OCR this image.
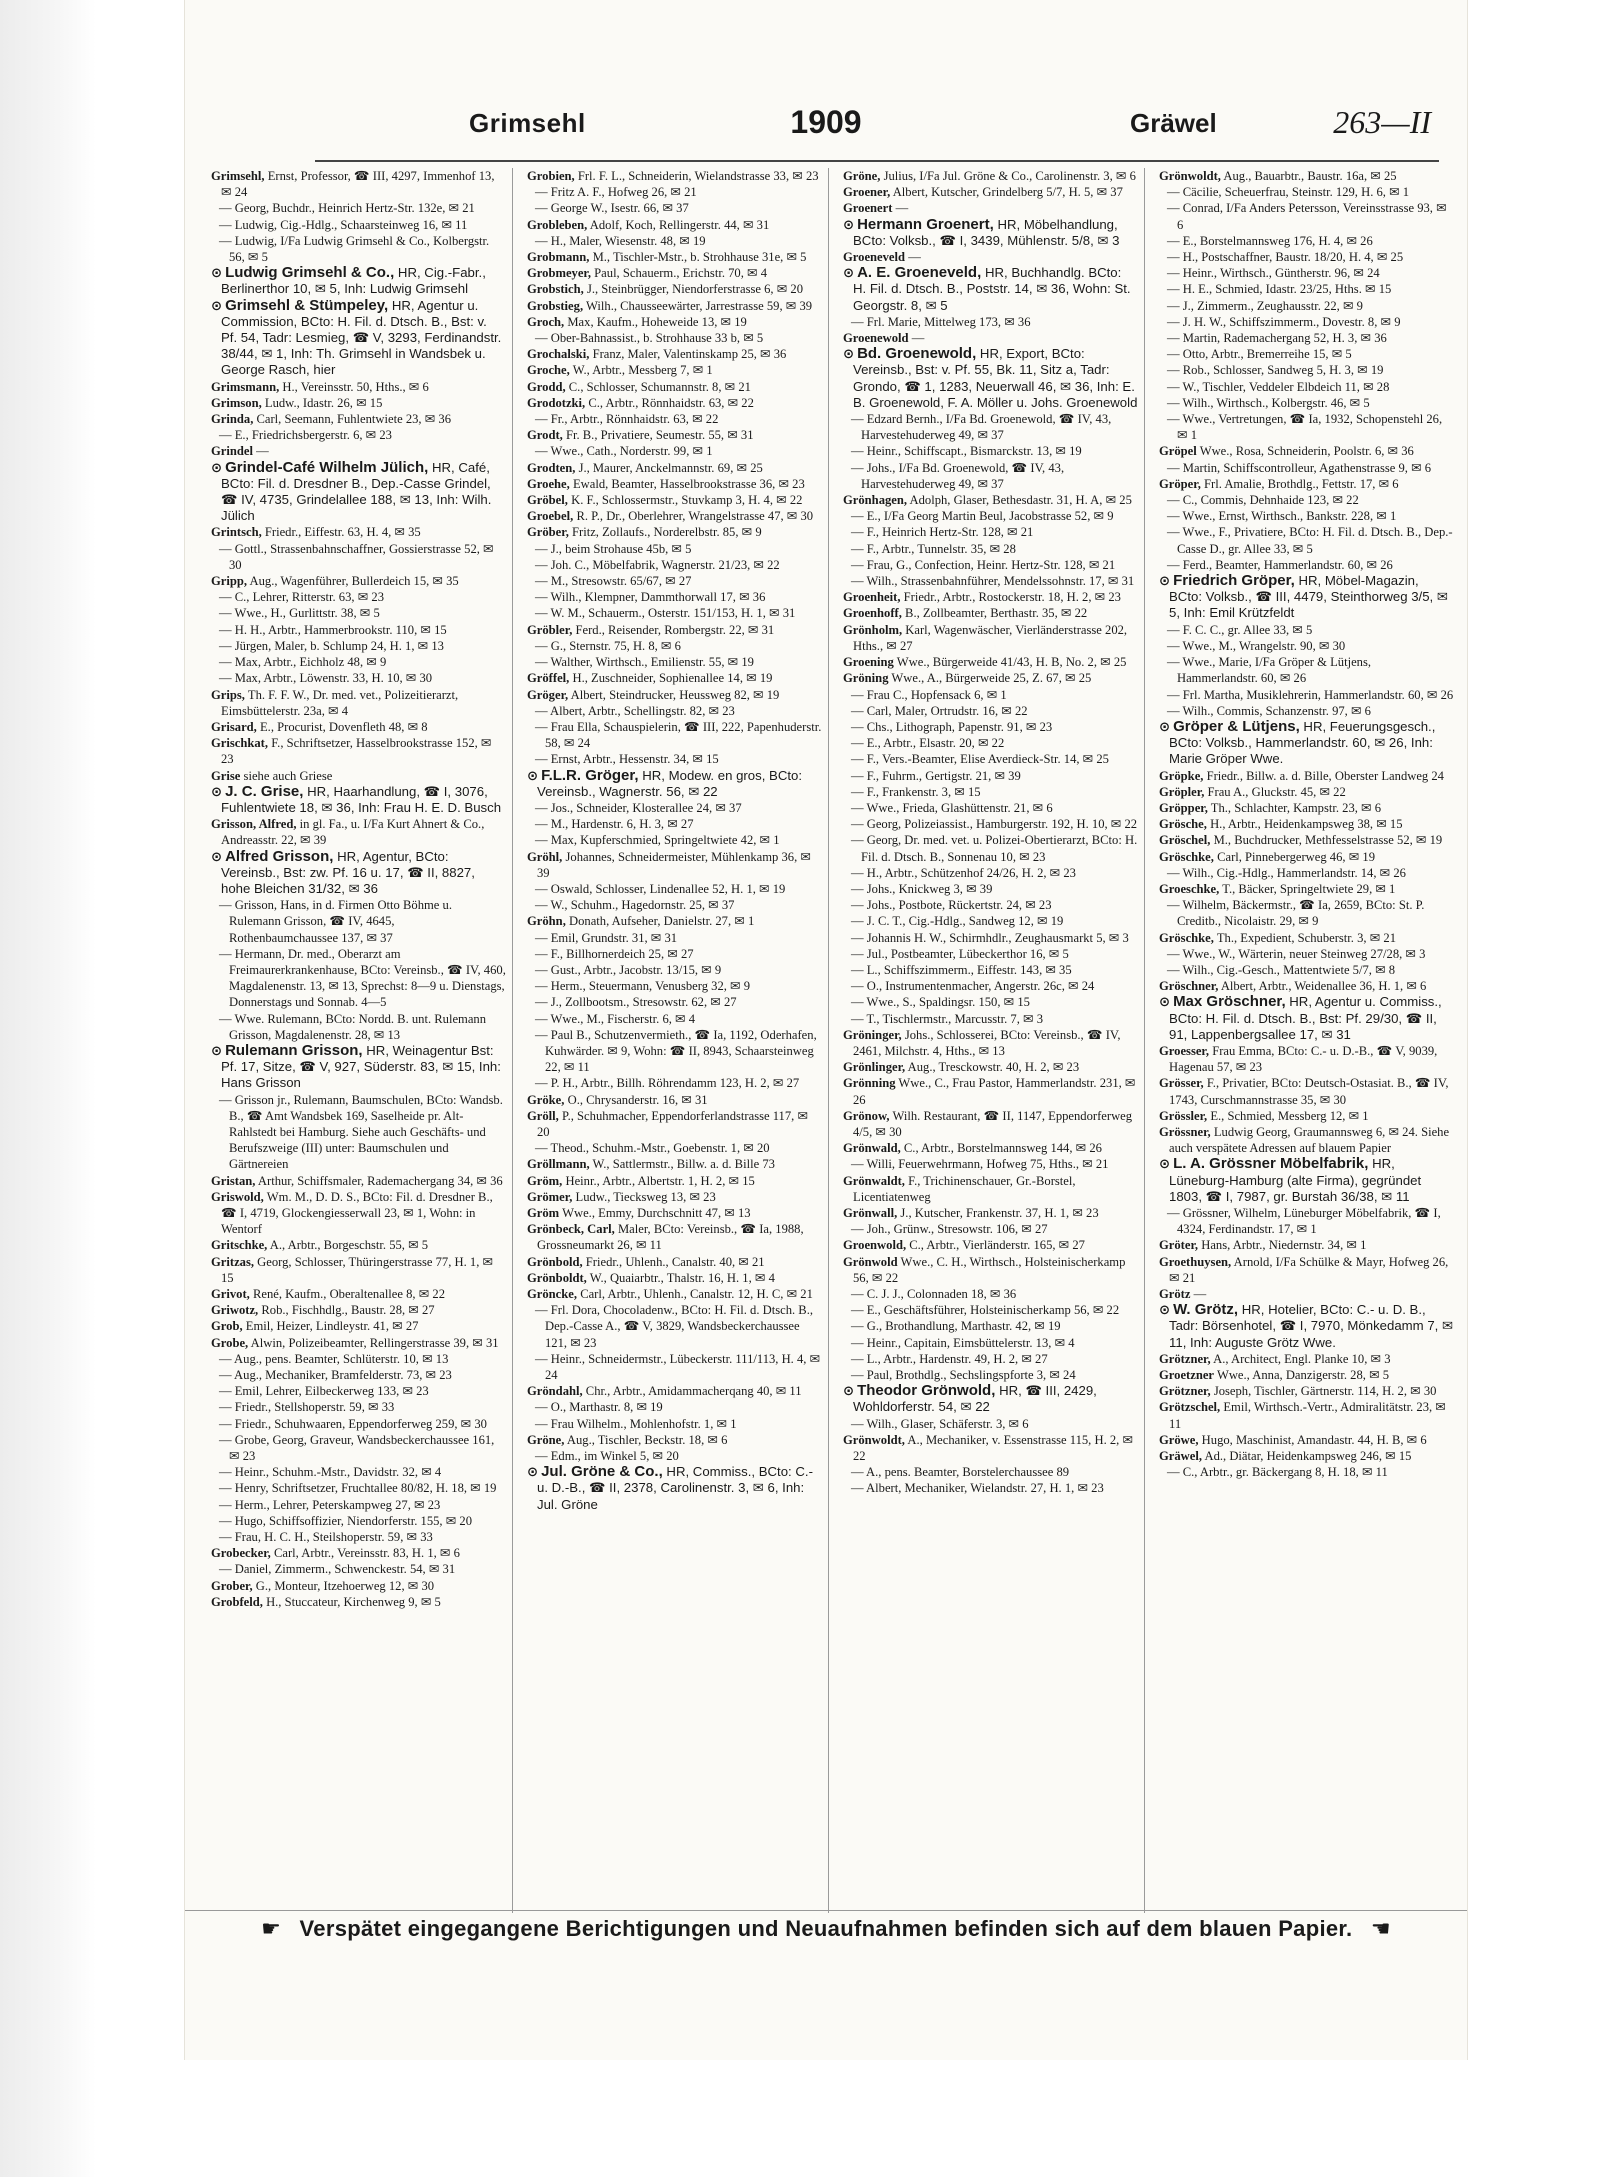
Grimsehl	1909	Gräwel	263—II

Grimsehl, Ernst, Professor, ☎ III, 4297, Immenhof 13, ✉ 24

— Georg, Buchdr., Heinrich Hertz-Str. 132e, ✉ 21

— Ludwig, Cig.-Hdlg., Schaarsteinweg 16, ✉ 11

— Ludwig, I/Fa Ludwig Grimsehl & Co., Kolbergstr. 56, ✉ 5

⊙ Ludwig Grimsehl & Co., HR, Cig.-Fabr., Berlinerthor 10, ✉ 5, Inh: Ludwig Grimsehl

⊙ Grimsehl & Stümpeley, HR, Agentur u. Commission, BCto: H. Fil. d. Dtsch. B., Bst: v. Pf. 54, Tadr: Lesmieg, ☎ V, 3293, Ferdinandstr. 38/44, ✉ 1, Inh: Th. Grimsehl in Wandsbek u. George Rasch, hier

Grimsmann, H., Vereinsstr. 50, Hths., ✉ 6

Grimson, Ludw., Idastr. 26, ✉ 15

Grinda, Carl, Seemann, Fuhlentwiete 23, ✉ 36

— E., Friedrichsbergerstr. 6, ✉ 23

Grindel —

⊙ Grindel-Café Wilhelm Jülich, HR, Café, BCto: Fil. d. Dresdner B., Dep.-Casse Grindel, ☎ IV, 4735, Grindelallee 188, ✉ 13, Inh: Wilh. Jülich

Grintsch, Friedr., Eiffestr. 63, H. 4, ✉ 35

— Gottl., Strassenbahnschaffner, Gossierstrasse 52, ✉ 30

Gripp, Aug., Wagenführer, Bullerdeich 15, ✉ 35

— C., Lehrer, Ritterstr. 63, ✉ 23

— Wwe., H., Gurlittstr. 38, ✉ 5

— H. H., Arbtr., Hammerbrookstr. 110, ✉ 15

— Jürgen, Maler, b. Schlump 24, H. 1, ✉ 13

— Max, Arbtr., Eichholz 48, ✉ 9

— Max, Arbtr., Löwenstr. 33, H. 10, ✉ 30

Grips, Th. F. F. W., Dr. med. vet., Polizeitierarzt, Eimsbüttelerstr. 23a, ✉ 4

Grisard, E., Procurist, Dovenfleth 48, ✉ 8

Grischkat, F., Schriftsetzer, Hasselbrookstrasse 152, ✉ 23

Grise siehe auch Griese

⊙ J. C. Grise, HR, Haarhandlung, ☎ I, 3076, Fuhlentwiete 18, ✉ 36, Inh: Frau H. E. D. Busch

Grisson, Alfred, in gl. Fa., u. I/Fa Kurt Ahnert & Co., Andreasstr. 22, ✉ 39

⊙ Alfred Grisson, HR, Agentur, BCto: Vereinsb., Bst: zw. Pf. 16 u. 17, ☎ II, 8827, hohe Bleichen 31/32, ✉ 36

— Grisson, Hans, in d. Firmen Otto Böhme u. Rulemann Grisson, ☎ IV, 4645, Rothenbaumchaussee 137, ✉ 37

— Hermann, Dr. med., Oberarzt am Freimaurerkrankenhause, BCto: Vereinsb., ☎ IV, 460, Magdalenenstr. 13, ✉ 13, Sprechst: 8—9 u. Dienstags, Donnerstags und Sonnab. 4—5

— Wwe. Rulemann, BCto: Nordd. B. unt. Rulemann Grisson, Magdalenenstr. 28, ✉ 13

⊙ Rulemann Grisson, HR, Weinagentur Bst: Pf. 17, Sitze, ☎ V, 927, Süderstr. 83, ✉ 15, Inh: Hans Grisson

— Grisson jr., Rulemann, Baumschulen, BCto: Wandsb. B., ☎ Amt Wandsbek 169, Saselheide pr. Alt-Rahlstedt bei Hamburg. Siehe auch Geschäfts- und Berufszweige (III) unter: Baumschulen und Gärtnereien

Gristan, Arthur, Schiffsmaler, Rademachergang 34, ✉ 36

Griswold, Wm. M., D. D. S., BCto: Fil. d. Dresdner B., ☎ I, 4719, Glockengiesserwall 23, ✉ 1, Wohn: in Wentorf

Gritschke, A., Arbtr., Borgeschstr. 55, ✉ 5

Gritzas, Georg, Schlosser, Thüringerstrasse 77, H. 1, ✉ 15

Grivot, René, Kaufm., Oberaltenallee 8, ✉ 22

Griwotz, Rob., Fischhdlg., Baustr. 28, ✉ 27

Grob, Emil, Heizer, Lindleystr. 41, ✉ 27

Grobe, Alwin, Polizeibeamter, Rellingerstrasse 39, ✉ 31

— Aug., pens. Beamter, Schlüterstr. 10, ✉ 13

— Aug., Mechaniker, Bramfelderstr. 73, ✉ 23

— Emil, Lehrer, Eilbeckerweg 133, ✉ 23

— Friedr., Stellshoperstr. 59, ✉ 33

— Friedr., Schuhwaaren, Eppendorferweg 259, ✉ 30

— Grobe, Georg, Graveur, Wandsbeckerchaussee 161, ✉ 23

— Heinr., Schuhm.-Mstr., Davidstr. 32, ✉ 4

— Henry, Schriftsetzer, Fruchtallee 80/82, H. 18, ✉ 19

— Herm., Lehrer, Peterskampweg 27, ✉ 23

— Hugo, Schiffsoffizier, Niendorferstr. 155, ✉ 20

— Frau, H. C. H., Steilshoperstr. 59, ✉ 33

Grobecker, Carl, Arbtr., Vereinsstr. 83, H. 1, ✉ 6

— Daniel, Zimmerm., Schwenckestr. 54, ✉ 31

Grober, G., Monteur, Itzehoerweg 12, ✉ 30

Grobfeld, H., Stuccateur, Kirchenweg 9, ✉ 5

Grobien, Frl. F. L., Schneiderin, Wielandstrasse 33, ✉ 23

— Fritz A. F., Hofweg 26, ✉ 21

— George W., Isestr. 66, ✉ 37

Grobleben, Adolf, Koch, Rellingerstr. 44, ✉ 31

— H., Maler, Wiesenstr. 48, ✉ 19

Grobmann, M., Tischler-Mstr., b. Strohhause 31e, ✉ 5

Grobmeyer, Paul, Schauerm., Erichstr. 70, ✉ 4

Grobstich, J., Steinbrügger, Niendorferstrasse 6, ✉ 20

Grobstieg, Wilh., Chausseewärter, Jarrestrasse 59, ✉ 39

Groch, Max, Kaufm., Hoheweide 13, ✉ 19

— Ober-Bahnassist., b. Strohhause 33 b, ✉ 5

Grochalski, Franz, Maler, Valentinskamp 25, ✉ 36

Groche, W., Arbtr., Messberg 7, ✉ 1

Grodd, C., Schlosser, Schumannstr. 8, ✉ 21

Grodotzki, C., Arbtr., Rönnhaidstr. 63, ✉ 22

— Fr., Arbtr., Rönnhaidstr. 63, ✉ 22

Grodt, Fr. B., Privatiere, Seumestr. 55, ✉ 31

— Wwe., Cath., Norderstr. 99, ✉ 1

Grodten, J., Maurer, Anckelmannstr. 69, ✉ 25

Groehe, Ewald, Beamter, Hasselbrookstrasse 36, ✉ 23

Gröbel, K. F., Schlossermstr., Stuvkamp 3, H. 4, ✉ 22

Groebel, R. P., Dr., Oberlehrer, Wrangelstrasse 47, ✉ 30

Gröber, Fritz, Zollaufs., Norderelbstr. 85, ✉ 9

— J., beim Strohause 45b, ✉ 5

— Joh. C., Möbelfabrik, Wagnerstr. 21/23, ✉ 22

— M., Stresowstr. 65/67, ✉ 27

— Wilh., Klempner, Dammthorwall 17, ✉ 36

— W. M., Schauerm., Osterstr. 151/153, H. 1, ✉ 31

Gröbler, Ferd., Reisender, Rombergstr. 22, ✉ 31

— G., Sternstr. 75, H. 8, ✉ 6

— Walther, Wirthsch., Emilienstr. 55, ✉ 19

Gröffel, H., Zuschneider, Sophienallee 14, ✉ 19

Gröger, Albert, Steindrucker, Heussweg 82, ✉ 19

— Albert, Arbtr., Schellingstr. 82, ✉ 23

— Frau Ella, Schauspielerin, ☎ III, 222, Papenhuderstr. 58, ✉ 24

— Ernst, Arbtr., Hessenstr. 34, ✉ 15

⊙ F.L.R. Gröger, HR, Modew. en gros, BCto: Vereinsb., Wagnerstr. 56, ✉ 22

— Jos., Schneider, Klosterallee 24, ✉ 37

— M., Hardenstr. 6, H. 3, ✉ 27

— Max, Kupferschmied, Springeltwiete 42, ✉ 1

Gröhl, Johannes, Schneidermeister, Mühlenkamp 36, ✉ 39

— Oswald, Schlosser, Lindenallee 52, H. 1, ✉ 19

— W., Schuhm., Hagedornstr. 25, ✉ 37

Gröhn, Donath, Aufseher, Danielstr. 27, ✉ 1

— Emil, Grundstr. 31, ✉ 31

— F., Billhornerdeich 25, ✉ 27

— Gust., Arbtr., Jacobstr. 13/15, ✉ 9

— Herm., Steuermann, Venusberg 32, ✉ 9

— J., Zollbootsm., Stresowstr. 62, ✉ 27

— Wwe., M., Fischerstr. 6, ✉ 4

— Paul B., Schutzenvermieth., ☎ Ia, 1192, Oderhafen, Kuhwärder. ✉ 9, Wohn: ☎ II, 8943, Schaarsteinweg 22, ✉ 11

— P. H., Arbtr., Billh. Röhrendamm 123, H. 2, ✉ 27

Gröke, O., Chrysanderstr. 16, ✉ 31

Gröll, P., Schuhmacher, Eppendorferlandstrasse 117, ✉ 20

— Theod., Schuhm.-Mstr., Goebenstr. 1, ✉ 20

Gröllmann, W., Sattlermstr., Billw. a. d. Bille 73

Gröm, Heinr., Arbtr., Albertstr. 1, H. 2, ✉ 15

Grömer, Ludw., Tiecksweg 13, ✉ 23

Gröm Wwe., Emmy, Durchschnitt 47, ✉ 13

Grönbeck, Carl, Maler, BCto: Vereinsb., ☎ Ia, 1988, Grossneumarkt 26, ✉ 11

Grönbold, Friedr., Uhlenh., Canalstr. 40, ✉ 21

Grönboldt, W., Quaiarbtr., Thalstr. 16, H. 1, ✉ 4

Gröncke, Carl, Arbtr., Uhlenh., Canalstr. 12, H. C, ✉ 21

— Frl. Dora, Chocoladenw., BCto: H. Fil. d. Dtsch. B., Dep.-Casse A., ☎ V, 3829, Wandsbeckerchaussee 121, ✉ 23

— Heinr., Schneidermstr., Lübeckerstr. 111/113, H. 4, ✉ 24

Gröndahl, Chr., Arbtr., Amidammacherqang 40, ✉ 11

— O., Marthastr. 8, ✉ 19

— Frau Wilhelm., Mohlenhofstr. 1, ✉ 1

Gröne, Aug., Tischler, Beckstr. 18, ✉ 6

— Edm., im Winkel 5, ✉ 20

⊙ Jul. Gröne & Co., HR, Commiss., BCto: C.- u. D.-B., ☎ II, 2378, Carolinenstr. 3, ✉ 6, Inh: Jul. Gröne

Gröne, Julius, I/Fa Jul. Gröne & Co., Carolinenstr. 3, ✉ 6

Groener, Albert, Kutscher, Grindelberg 5/7, H. 5, ✉ 37

Groenert —

⊙ Hermann Groenert, HR, Möbelhandlung, BCto: Volksb., ☎ I, 3439, Mühlenstr. 5/8, ✉ 3

Groeneveld —

⊙ A. E. Groeneveld, HR, Buchhandlg. BCto: H. Fil. d. Dtsch. B., Poststr. 14, ✉ 36, Wohn: St. Georgstr. 8, ✉ 5

— Frl. Marie, Mittelweg 173, ✉ 36

Groenewold —

⊙ Bd. Groenewold, HR, Export, BCto: Vereinsb., Bst: v. Pf. 55, Bk. 11, Sitz a, Tadr: Grondo, ☎ 1, 1283, Neuerwall 46, ✉ 36, Inh: E. B. Groenewold, F. A. Möller u. Johs. Groenewold

— Edzard Bernh., I/Fa Bd. Groenewold, ☎ IV, 43, Harvestehuderweg 49, ✉ 37

— Heinr., Schiffscapt., Bismarckstr. 13, ✉ 19

— Johs., I/Fa Bd. Groenewold, ☎ IV, 43, Harvestehuderweg 49, ✉ 37

Grönhagen, Adolph, Glaser, Bethesdastr. 31, H. A, ✉ 25

— E., I/Fa Georg Martin Beul, Jacobstrasse 52, ✉ 9

— F., Heinrich Hertz-Str. 128, ✉ 21

— F., Arbtr., Tunnelstr. 35, ✉ 28

— Frau, G., Confection, Heinr. Hertz-Str. 128, ✉ 21

— Wilh., Strassenbahnführer, Mendelssohnstr. 17, ✉ 31

Groenheit, Friedr., Arbtr., Rostockerstr. 18, H. 2, ✉ 23

Groenhoff, B., Zollbeamter, Berthastr. 35, ✉ 22

Grönholm, Karl, Wagenwäscher, Vierländerstrasse 202, Hths., ✉ 27

Groening Wwe., Bürgerweide 41/43, H. B, No. 2, ✉ 25

Gröning Wwe., A., Bürgerweide 25, Z. 67, ✉ 25

— Frau C., Hopfensack 6, ✉ 1

— Carl, Maler, Ortrudstr. 16, ✉ 22

— Chs., Lithograph, Papenstr. 91, ✉ 23

— E., Arbtr., Elsastr. 20, ✉ 22

— F., Vers.-Beamter, Elise Averdieck-Str. 14, ✉ 25

— F., Fuhrm., Gertigstr. 21, ✉ 39

— F., Frankenstr. 3, ✉ 15

— Wwe., Frieda, Glashüttenstr. 21, ✉ 6

— Georg, Polizeiassist., Hamburgerstr. 192, H. 10, ✉ 22

— Georg, Dr. med. vet. u. Polizei-Obertierarzt, BCto: H. Fil. d. Dtsch. B., Sonnenau 10, ✉ 23

— H., Arbtr., Schützenhof 24/26, H. 2, ✉ 23

— Johs., Knickweg 3, ✉ 39

— Johs., Postbote, Rückertstr. 24, ✉ 23

— J. C. T., Cig.-Hdlg., Sandweg 12, ✉ 19

— Johannis H. W., Schirmhdlr., Zeughausmarkt 5, ✉ 3

— Jul., Postbeamter, Lübeckerthor 16, ✉ 5

— L., Schiffszimmerm., Eiffestr. 143, ✉ 35

— O., Instrumentenmacher, Angerstr. 26c, ✉ 24

— Wwe., S., Spaldingsr. 150, ✉ 15

— T., Tischlermstr., Marcusstr. 7, ✉ 3

Gröninger, Johs., Schlosserei, BCto: Vereinsb., ☎ IV, 2461, Milchstr. 4, Hths., ✉ 13

Grönlinger, Aug., Tresckowstr. 40, H. 2, ✉ 23

Grönning Wwe., C., Frau Pastor, Hammerlandstr. 231, ✉ 26

Grönow, Wilh. Restaurant, ☎ II, 1147, Eppendorferweg 4/5, ✉ 30

Grönwald, C., Arbtr., Borstelmannsweg 144, ✉ 26

— Willi, Feuerwehrmann, Hofweg 75, Hths., ✉ 21

Grönwaldt, F., Trichinenschauer, Gr.-Borstel, Licentiatenweg

Grönwall, J., Kutscher, Frankenstr. 37, H. 1, ✉ 23

— Joh., Grünw., Stresowstr. 106, ✉ 27

Groenwold, C., Arbtr., Vierländerstr. 165, ✉ 27

Grönwold Wwe., C. H., Wirthsch., Holsteinischerkamp 56, ✉ 22

— C. J. J., Colonnaden 18, ✉ 36

— E., Geschäftsführer, Holsteinischerkamp 56, ✉ 22

— G., Brothandlung, Marthastr. 42, ✉ 19

— Heinr., Capitain, Eimsbüttelerstr. 13, ✉ 4

— L., Arbtr., Hardenstr. 49, H. 2, ✉ 27

— Paul, Brothdlg., Sechslingspforte 3, ✉ 24

⊙ Theodor Grönwold, HR, ☎ III, 2429, Wohldorferstr. 54, ✉ 22

— Wilh., Glaser, Schäferstr. 3, ✉ 6

Grönwoldt, A., Mechaniker, v. Essenstrasse 115, H. 2, ✉ 22

— A., pens. Beamter, Borstelerchaussee 89

— Albert, Mechaniker, Wielandstr. 27, H. 1, ✉ 23

Grönwoldt, Aug., Bauarbtr., Baustr. 16a, ✉ 25

— Cäcilie, Scheuerfrau, Steinstr. 129, H. 6, ✉ 1

— Conrad, I/Fa Anders Petersson, Vereinsstrasse 93, ✉ 6

— E., Borstelmannsweg 176, H. 4, ✉ 26

— H., Postschaffner, Baustr. 18/20, H. 4, ✉ 25

— Heinr., Wirthsch., Güntherstr. 96, ✉ 24

— H. E., Schmied, Idastr. 23/25, Hths. ✉ 15

— J., Zimmerm., Zeughausstr. 22, ✉ 9

— J. H. W., Schiffszimmerm., Dovestr. 8, ✉ 9

— Martin, Rademachergang 52, H. 3, ✉ 36

— Otto, Arbtr., Bremerreihe 15, ✉ 5

— Rob., Schlosser, Sandweg 5, H. 3, ✉ 19

— W., Tischler, Veddeler Elbdeich 11, ✉ 28

— Wilh., Wirthsch., Kolbergstr. 46, ✉ 5

— Wwe., Vertretungen, ☎ Ia, 1932, Schopenstehl 26, ✉ 1

Gröpel Wwe., Rosa, Schneiderin, Poolstr. 6, ✉ 36

— Martin, Schiffscontrolleur, Agathenstrasse 9, ✉ 6

Gröper, Frl. Amalie, Brothdlg., Fettstr. 17, ✉ 6

— C., Commis, Dehnhaide 123, ✉ 22

— Wwe., Ernst, Wirthsch., Bankstr. 228, ✉ 1

— Wwe., F., Privatiere, BCto: H. Fil. d. Dtsch. B., Dep.-Casse D., gr. Allee 33, ✉ 5

— Ferd., Beamter, Hammerlandstr. 60, ✉ 26

⊙ Friedrich Gröper, HR, Möbel-Magazin, BCto: Volksb., ☎ III, 4479, Steinthorweg 3/5, ✉ 5, Inh: Emil Krützfeldt

— F. C. C., gr. Allee 33, ✉ 5

— Wwe., M., Wrangelstr. 90, ✉ 30

— Wwe., Marie, I/Fa Gröper & Lütjens, Hammerlandstr. 60, ✉ 26

— Frl. Martha, Musiklehrerin, Hammerlandstr. 60, ✉ 26

— Wilh., Commis, Schanzenstr. 97, ✉ 6

⊙ Gröper & Lütjens, HR, Feuerungsgesch., BCto: Volksb., Hammerlandstr. 60, ✉ 26, Inh: Marie Gröper Wwe.

Gröpke, Friedr., Billw. a. d. Bille, Oberster Landweg 24

Gröpler, Frau A., Gluckstr. 45, ✉ 22

Gröpper, Th., Schlachter, Kampstr. 23, ✉ 6

Grösche, H., Arbtr., Heidenkampsweg 38, ✉ 15

Gröschel, M., Buchdrucker, Methfesselstrasse 52, ✉ 19

Gröschke, Carl, Pinnebergerweg 46, ✉ 19

— Wilh., Cig.-Hdlg., Hammerlandstr. 14, ✉ 26

Groeschke, T., Bäcker, Springeltwiete 29, ✉ 1

— Wilhelm, Bäckermstr., ☎ Ia, 2659, BCto: St. P. Creditb., Nicolaistr. 29, ✉ 9

Gröschke, Th., Expedient, Schuberstr. 3, ✉ 21

— Wwe., W., Wärterin, neuer Steinweg 27/28, ✉ 3

— Wilh., Cig.-Gesch., Mattentwiete 5/7, ✉ 8

Gröschner, Albert, Arbtr., Weidenallee 36, H. 1, ✉ 6

⊙ Max Gröschner, HR, Agentur u. Commiss., BCto: H. Fil. d. Dtsch. B., Bst: Pf. 29/30, ☎ II, 91, Lappenbergsallee 17, ✉ 31

Groesser, Frau Emma, BCto: C.- u. D.-B., ☎ V, 9039, Hagenau 57, ✉ 23

Grösser, F., Privatier, BCto: Deutsch-Ostasiat. B., ☎ IV, 1743, Curschmannstrasse 35, ✉ 30

Grössler, E., Schmied, Messberg 12, ✉ 1

Grössner, Ludwig Georg, Graumannsweg 6, ✉ 24. Siehe auch verspätete Adressen auf blauem Papier

⊙ L. A. Grössner Möbelfabrik, HR, Lüneburg-Hamburg (alte Firma), gegründet 1803, ☎ I, 7987, gr. Burstah 36/38, ✉ 11

— Grössner, Wilhelm, Lüneburger Möbelfabrik, ☎ I, 4324, Ferdinandstr. 17, ✉ 1

Gröter, Hans, Arbtr., Niedernstr. 34, ✉ 1

Groethuysen, Arnold, I/Fa Schülke & Mayr, Hofweg 26, ✉ 21

Grötz —

⊙ W. Grötz, HR, Hotelier, BCto: C.- u. D. B., Tadr: Börsenhotel, ☎ I, 7970, Mönkedamm 7, ✉ 11, Inh: Auguste Grötz Wwe.

Grötzner, A., Architect, Engl. Planke 10, ✉ 3

Groetzner Wwe., Anna, Danzigerstr. 28, ✉ 5

Grötzner, Joseph, Tischler, Gärtnerstr. 114, H. 2, ✉ 30

Grötzschel, Emil, Wirthsch.-Vertr., Admiralitätstr. 23, ✉ 11

Gröwe, Hugo, Maschinist, Amandastr. 44, H. B, ✉ 6

Gräwel, Ad., Diätar, Heidenkampsweg 246, ✉ 15

— C., Arbtr., gr. Bäckergang 8, H. 18, ✉ 11

☛ Verspätet eingegangene Berichtigungen und Neuaufnahmen befinden sich auf dem blauen Papier. ☚
